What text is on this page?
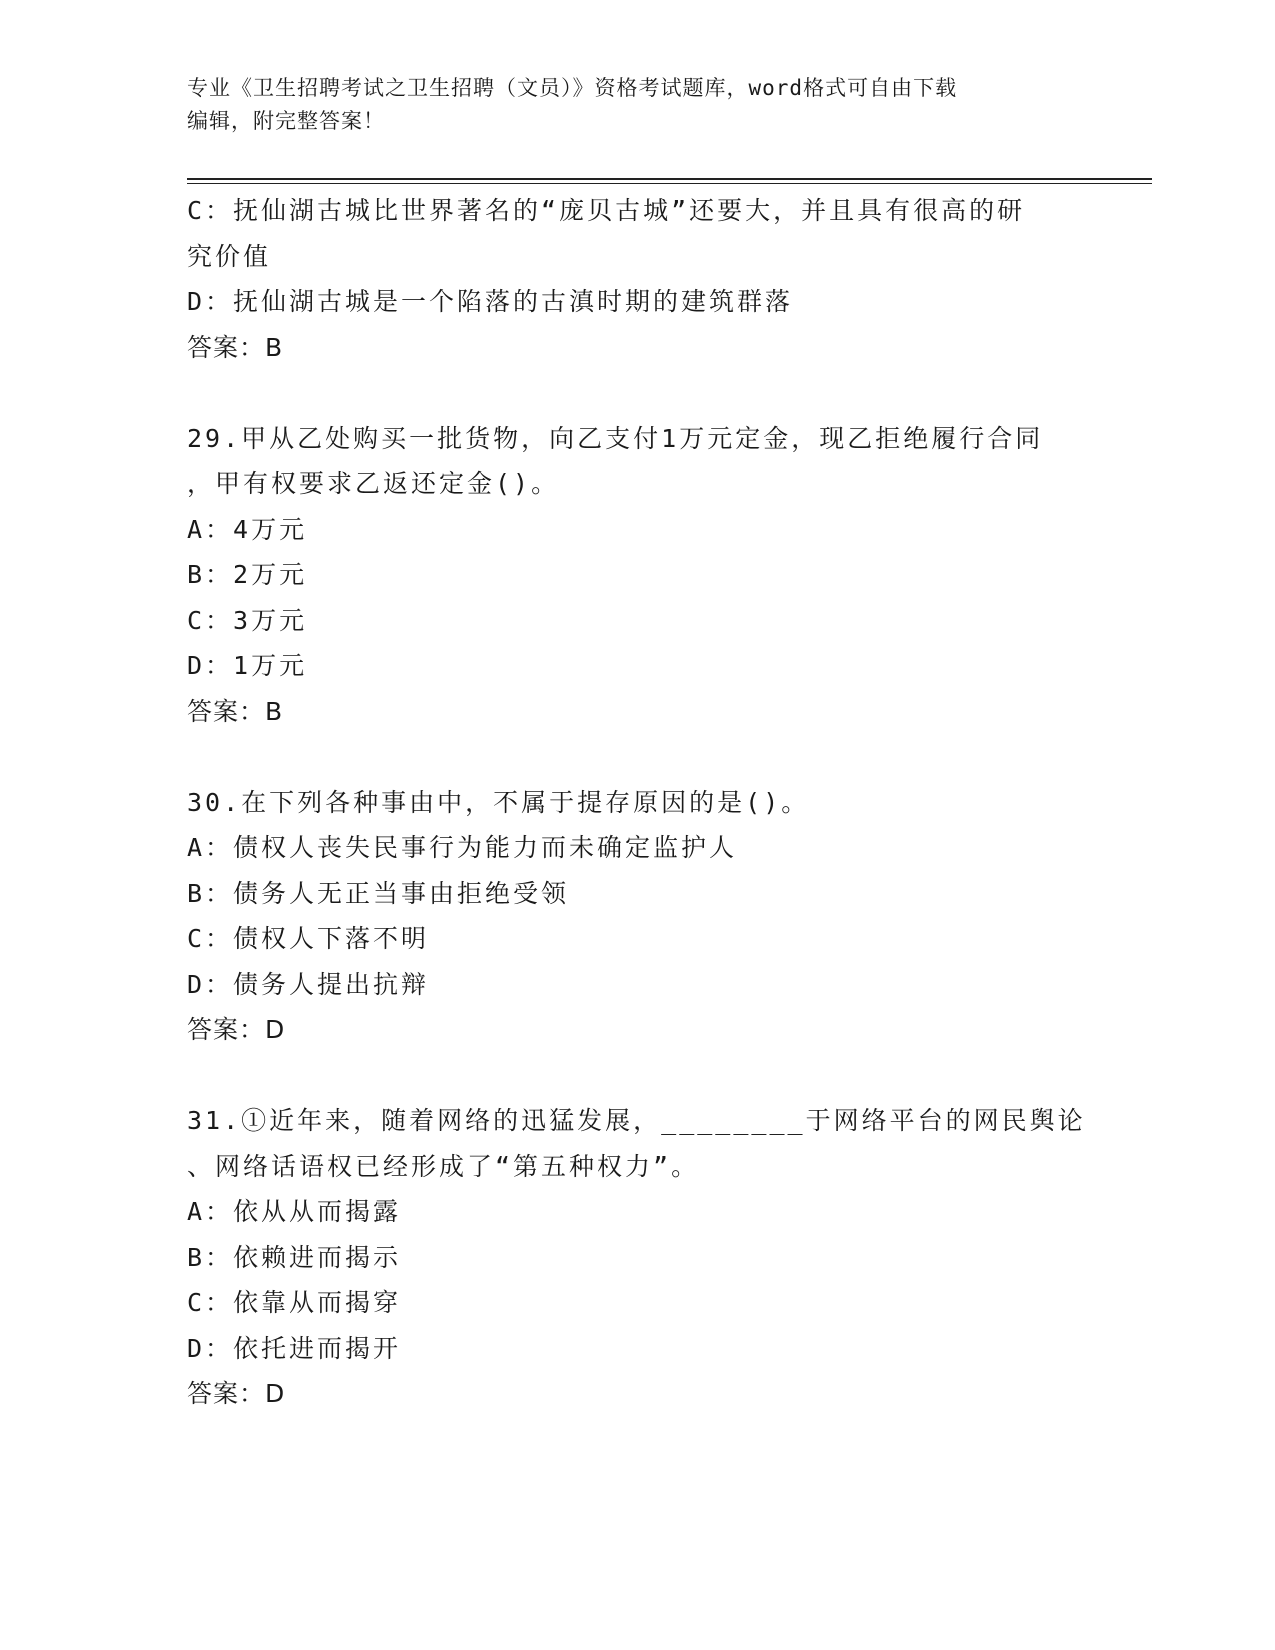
专业《卫生招聘考试之卫生招聘（文员）》资格考试题库，word格式可自由下载
编辑，附完整答案！
C：抚仙湖古城比世界著名的“庞贝古城”还要大，并且具有很高的研
究价值
D：抚仙湖古城是一个陷落的古滇时期的建筑群落
答案：B
29.甲从乙处购买一批货物，向乙支付1万元定金，现乙拒绝履行合同
，甲有权要求乙返还定金()。
A：4万元
B：2万元
C：3万元
D：1万元
答案：B
30.在下列各种事由中，不属于提存原因的是()。
A：债权人丧失民事行为能力而未确定监护人
B：债务人无正当事由拒绝受领
C：债权人下落不明
D：债务人提出抗辩
答案：D
31.①近年来，随着网络的迅猛发展，________于网络平台的网民舆论
、网络话语权已经形成了“第五种权力”。
A：依从从而揭露
B：依赖进而揭示
C：依靠从而揭穿
D：依托进而揭开
答案：D
